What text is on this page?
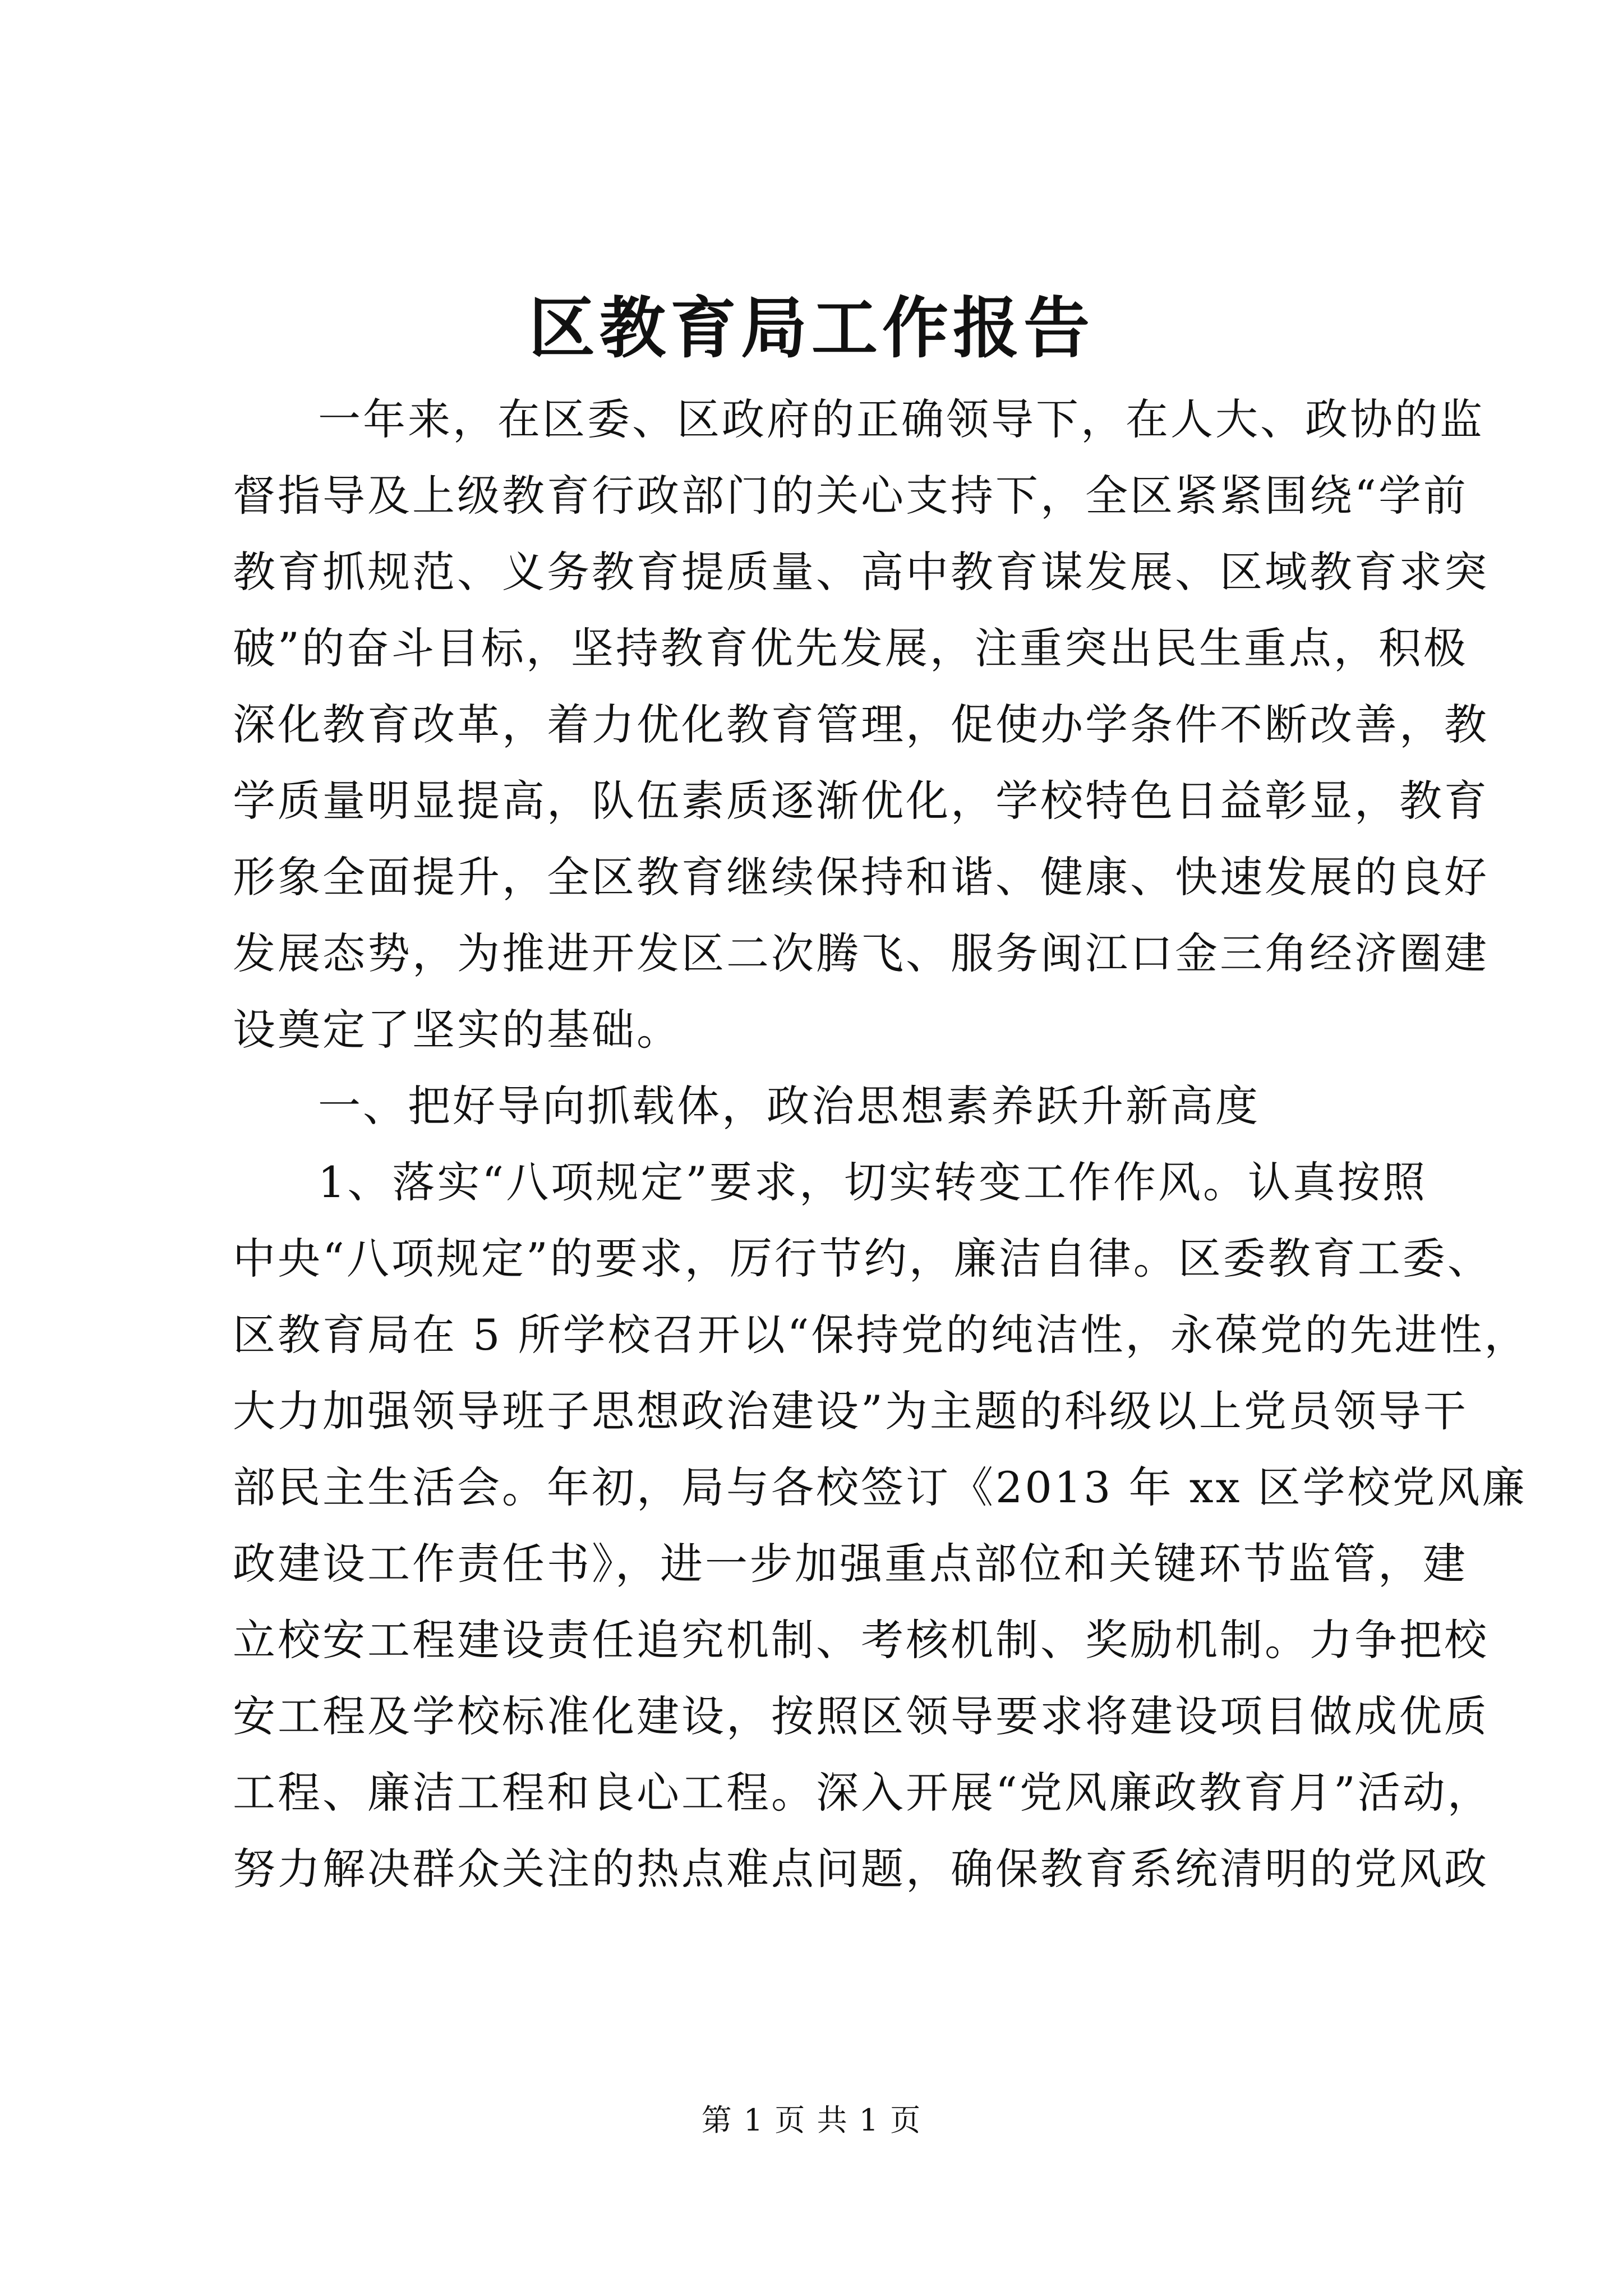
区教育局工作报告
一年来，在区委、区政府的正确领导下，在人大、政协的监
督指导及上级教育行政部门的关心支持下，全区紧紧围绕“学前
教育抓规范、义务教育提质量、高中教育谋发展、区域教育求突
破”的奋斗目标，坚持教育优先发展，注重突出民生重点，积极
深化教育改革，着力优化教育管理，促使办学条件不断改善，教
学质量明显提高，队伍素质逐渐优化，学校特色日益彰显，教育
形象全面提升，全区教育继续保持和谐、健康、快速发展的良好
发展态势，为推进开发区二次腾飞、服务闽江口金三角经济圈建
设奠定了坚实的基础。
一、把好导向抓载体，政治思想素养跃升新高度
1、落实“八项规定”要求，切实转变工作作风。认真按照
中央“八项规定”的要求，厉行节约，廉洁自律。区委教育工委、
区教育局在 5 所学校召开以“保持党的纯洁性，永葆党的先进性，
大力加强领导班子思想政治建设”为主题的科级以上党员领导干
部民主生活会。年初，局与各校签订《2013 年 xx 区学校党风廉
政建设工作责任书》，进一步加强重点部位和关键环节监管，建
立校安工程建设责任追究机制、考核机制、奖励机制。力争把校
安工程及学校标准化建设，按照区领导要求将建设项目做成优质
工程、廉洁工程和良心工程。深入开展“党风廉政教育月”活动，
努力解决群众关注的热点难点问题，确保教育系统清明的党风政
第 1 页 共 1 页
